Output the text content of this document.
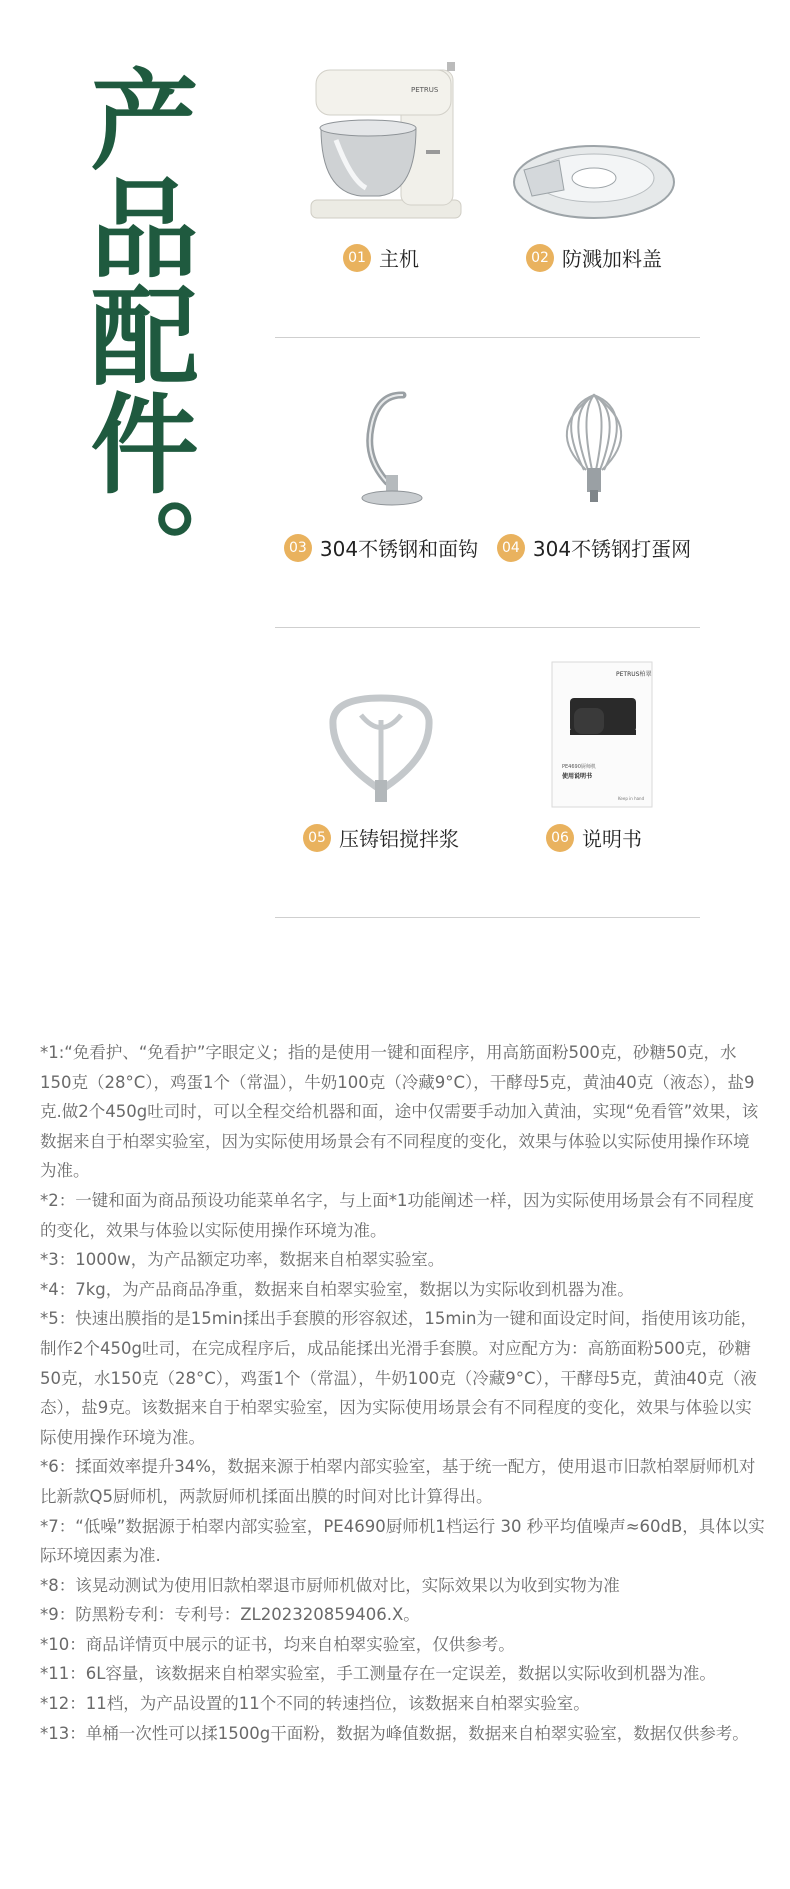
产品配件。	PETRUS
01 主机	02 防溅加料盖
03 304不锈钢和面钩	04 304不锈钢打蛋网
05 压铸铝搅拌浆
PETRUS柏翠
PE4690厨师机
使用说明书
Keep in hand
06 说明书

*1:“免看护、“免看护”字眼定义；指的是使用一键和面程序，用高筋面粉500克，砂糖50克，水150克（28°C），鸡蛋1个（常温），牛奶100克（冷藏9°C），干酵母5克，黄油40克（液态），盐9克.做2个450g吐司时，可以全程交给机器和面，途中仅需要手动加入黄油，实现“免看管”效果，该数据来自于柏翠实验室，因为实际使用场景会有不同程度的变化，效果与体验以实际使用操作环境为准。

*2：一键和面为商品预设功能菜单名字，与上面*1功能阐述一样，因为实际使用场景会有不同程度的变化，效果与体验以实际使用操作环境为准。

*3：1000w，为产品额定功率，数据来自柏翠实验室。

*4：7kg，为产品商品净重，数据来自柏翠实验室，数据以为实际收到机器为准。

*5：快速出膜指的是15min揉出手套膜的形容叙述，15min为一键和面设定时间，指使用该功能，制作2个450g吐司，在完成程序后，成品能揉出光滑手套膜。对应配方为：高筋面粉500克，砂糖50克，水150克（28°C），鸡蛋1个（常温），牛奶100克（冷藏9°C），干酵母5克，黄油40克（液态），盐9克。该数据来自于柏翠实验室，因为实际使用场景会有不同程度的变化，效果与体验以实际使用操作环境为准。

*6：揉面效率提升34%，数据来源于柏翠内部实验室，基于统一配方，使用退市旧款柏翠厨师机对比新款Q5厨师机，两款厨师机揉面出膜的时间对比计算得出。

*7：“低噪”数据源于柏翠内部实验室，PE4690厨师机1档运行 30 秒平均值噪声≈60dB，具体以实际环境因素为准.

*8：该晃动测试为使用旧款柏翠退市厨师机做对比，实际效果以为收到实物为准

*9：防黑粉专利：专利号：ZL202320859406.X。

*10：商品详情页中展示的证书，均来自柏翠实验室，仅供参考。

*11：6L容量，该数据来自柏翠实验室，手工测量存在一定误差，数据以实际收到机器为准。

*12：11档，为产品设置的11个不同的转速挡位，该数据来自柏翠实验室。

*13：单桶一次性可以揉1500g干面粉，数据为峰值数据，数据来自柏翠实验室，数据仅供参考。
